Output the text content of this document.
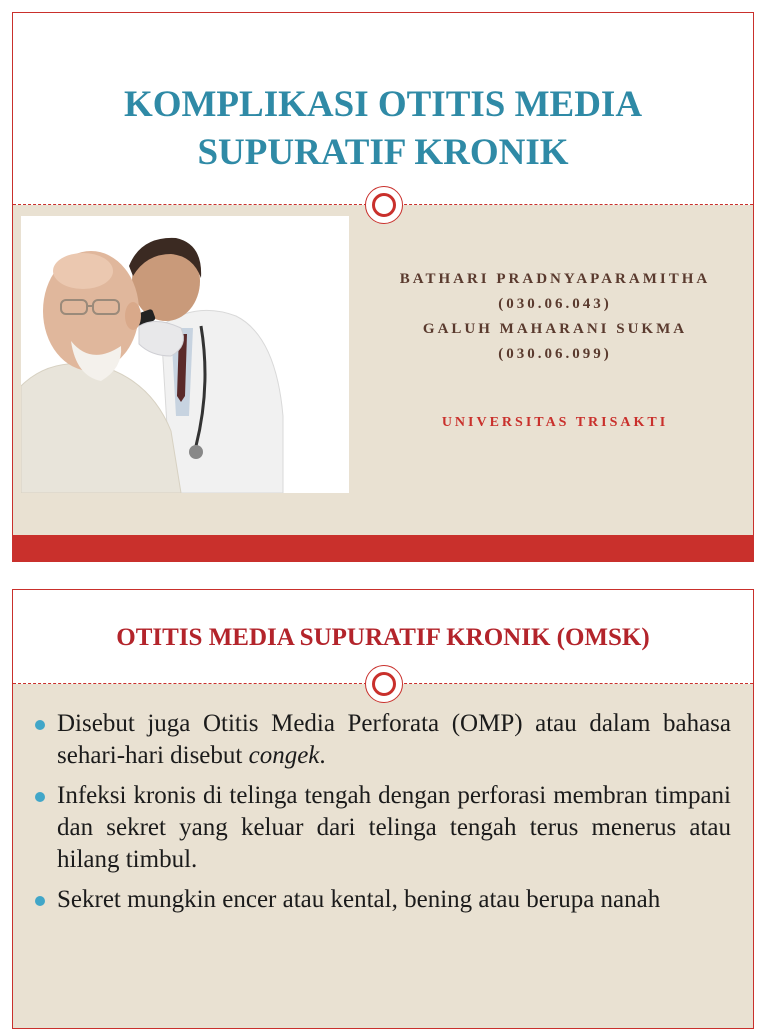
KOMPLIKASI OTITIS MEDIA
SUPURATIF KRONIK
BATHARI PRADNYAPARAMITHA
(030.06.043)
GALUH MAHARANI SUKMA
(030.06.099)
UNIVERSITAS TRISAKTI
OTITIS MEDIA SUPURATIF KRONIK (OMSK)
Disebut juga Otitis Media Perforata (OMP) atau dalam bahasa sehari-hari disebut congek.
Infeksi kronis di telinga tengah dengan perforasi membran timpani dan sekret yang keluar dari telinga tengah terus menerus atau hilang timbul.
Sekret mungkin encer atau kental, bening atau berupa nanah
